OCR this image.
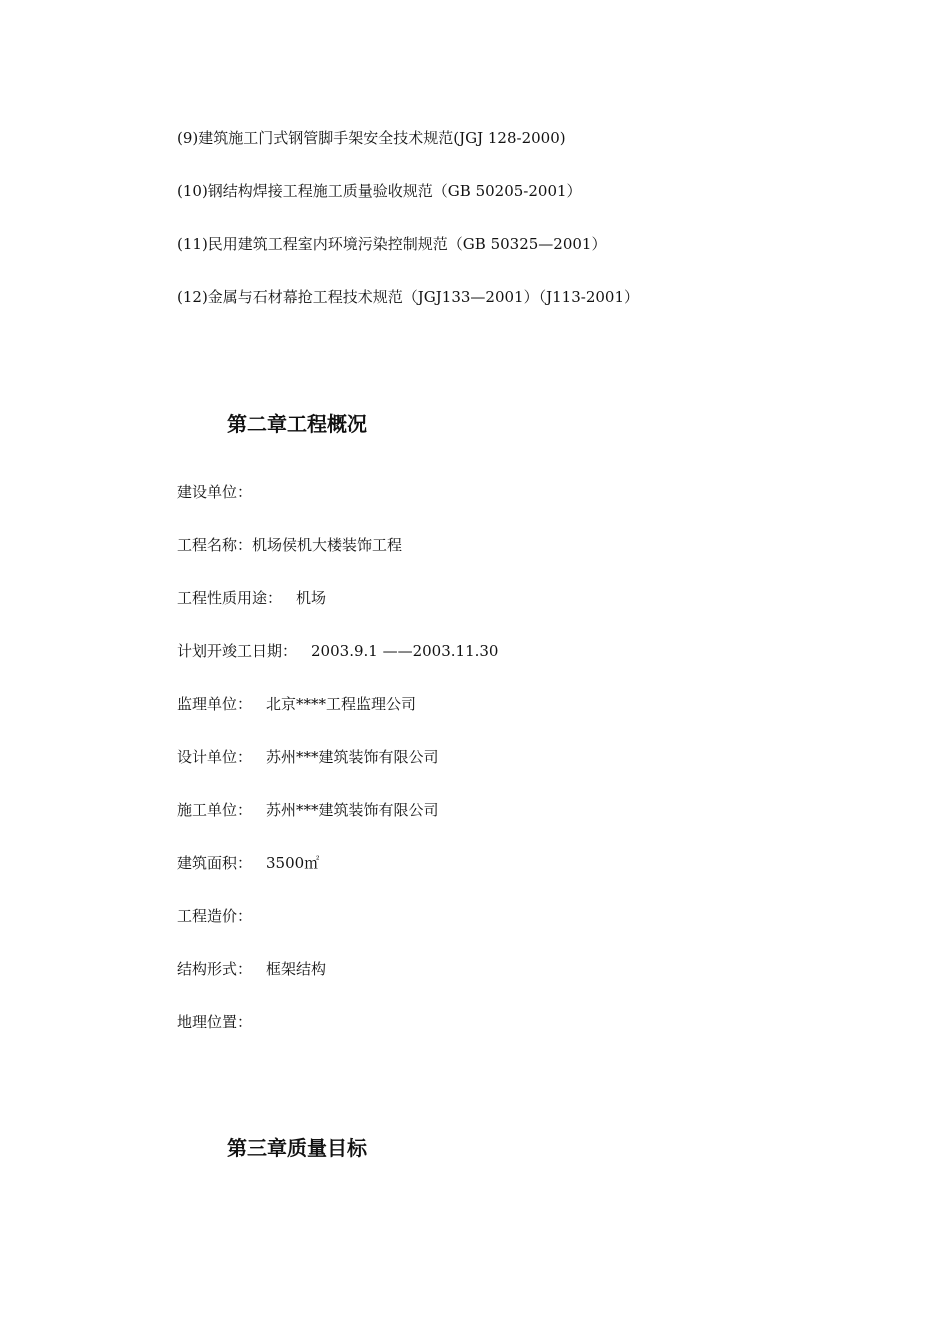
(9)建筑施工门式钢管脚手架安全技术规范(JGJ 128-2000)
(10)钢结构焊接工程施工质量验收规范（GB 50205-2001）
(11)民用建筑工程室内环境污染控制规范（GB 50325—2001）
(12)金属与石材幕抢工程技术规范（JGJ133—2001）（J113-2001）
第二章工程概况
建设单位：
工程名称：机场侯机大楼装饰工程
工程性质用途： 机场
计划开竣工日期： 2003.9.1 ——2003.11.30
监理单位： 北京****工程监理公司
设计单位： 苏州***建筑装饰有限公司
施工单位： 苏州***建筑装饰有限公司
建筑面积： 3500㎡
工程造价：
结构形式： 框架结构
地理位置：
第三章质量目标
